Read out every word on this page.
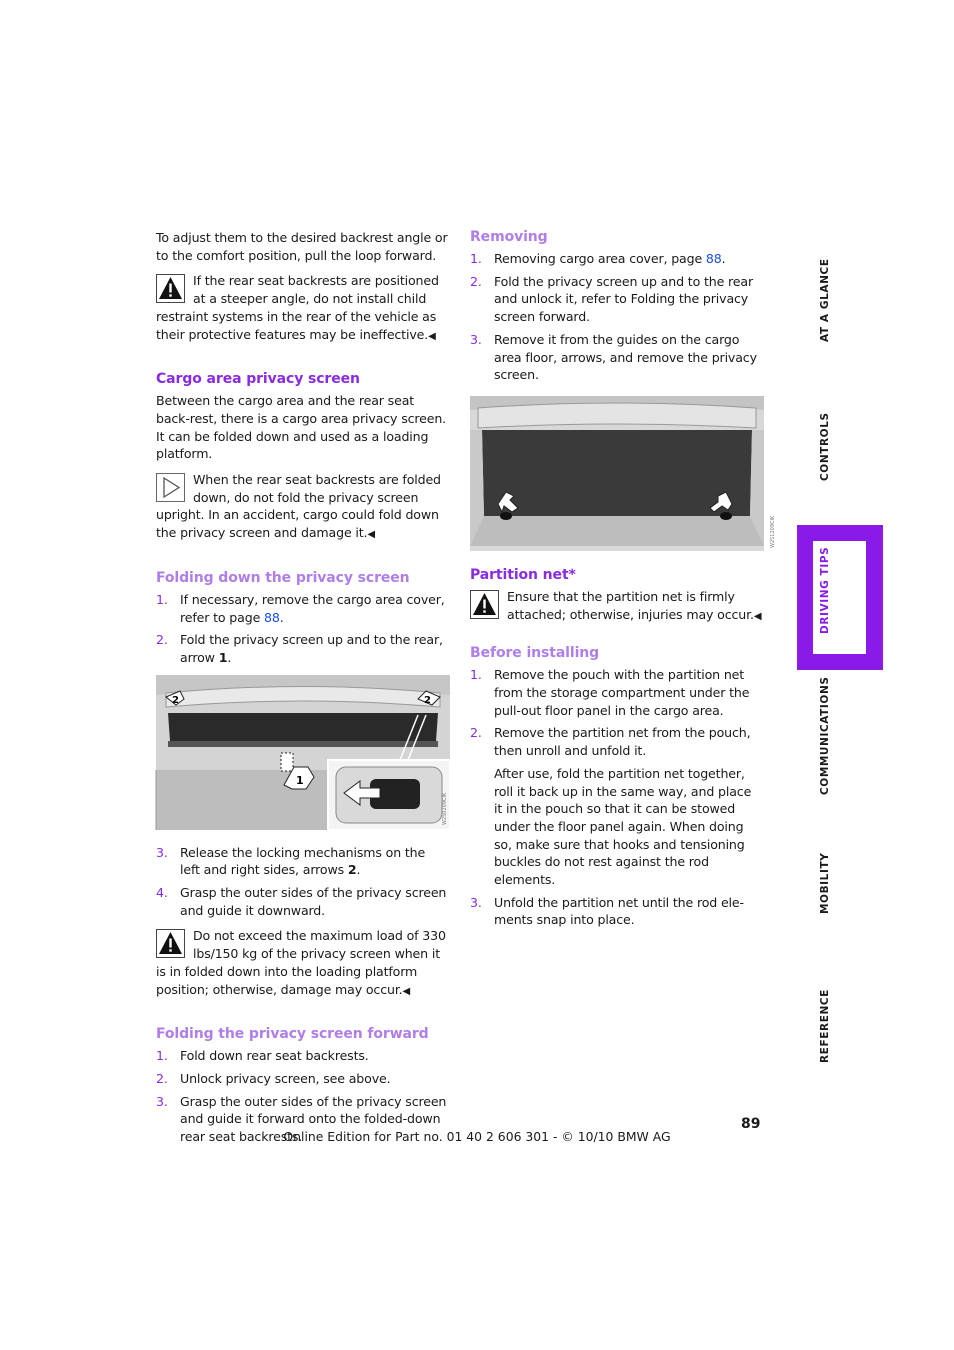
To adjust them to the desired backrest angle or to the comfort position, pull the loop forward.

If the rear seat backrests are positioned at a steeper angle, do not install child restraint systems in the rear of the vehicle as their protective features may be ineffective.◀

Cargo area privacy screen

Between the cargo area and the rear seat back-rest, there is a cargo area privacy screen. It can be folded down and used as a loading platform.

When the rear seat backrests are folded down, do not fold the privacy screen upright. In an accident, cargo could fold down the privacy screen and damage it.◀

Folding down the privacy screen
1. If necessary, remove the cargo area cover, refer to page 88.
2. Fold the privacy screen up and to the rear, arrow 1.
2	2
1
W2S0209CIK
3. Release the locking mechanisms on the left and right sides, arrows 2.
4. Grasp the outer sides of the privacy screen and guide it downward.

Do not exceed the maximum load of 330 lbs/150 kg of the privacy screen when it is in folded down into the loading platform position; otherwise, damage may occur.◀

Folding the privacy screen forward
1. Fold down rear seat backrests.
2. Unlock privacy screen, see above.
3. Grasp the outer sides of the privacy screen and guide it forward onto the folded-down rear seat backrests.
Removing
1. Removing cargo area cover, page 88.
2. Fold the privacy screen up and to the rear and unlock it, refer to Folding the privacy screen forward.
3. Remove it from the guides on the cargo area floor, arrows, and remove the privacy screen.
W2S1209CIK
Partition net*

Ensure that the partition net is firmly attached; otherwise, injuries may occur.◀

Before installing
1. Remove the pouch with the partition net from the storage compartment under the pull-out floor panel in the cargo area.
2. Remove the partition net from the pouch, then unroll and unfold it.

After use, fold the partition net together, roll it back up in the same way, and place it in the pouch so that it can be stowed under the floor panel again. When doing so, make sure that hooks and tensioning buckles do not rest against the rod elements.

3. Unfold the partition net until the rod ele-ments snap into place.
AT A GLANCE
CONTROLS
DRIVING TIPS
COMMUNICATIONS
MOBILITY
REFERENCE
89
Online Edition for Part no. 01 40 2 606 301 - © 10/10 BMW AG
